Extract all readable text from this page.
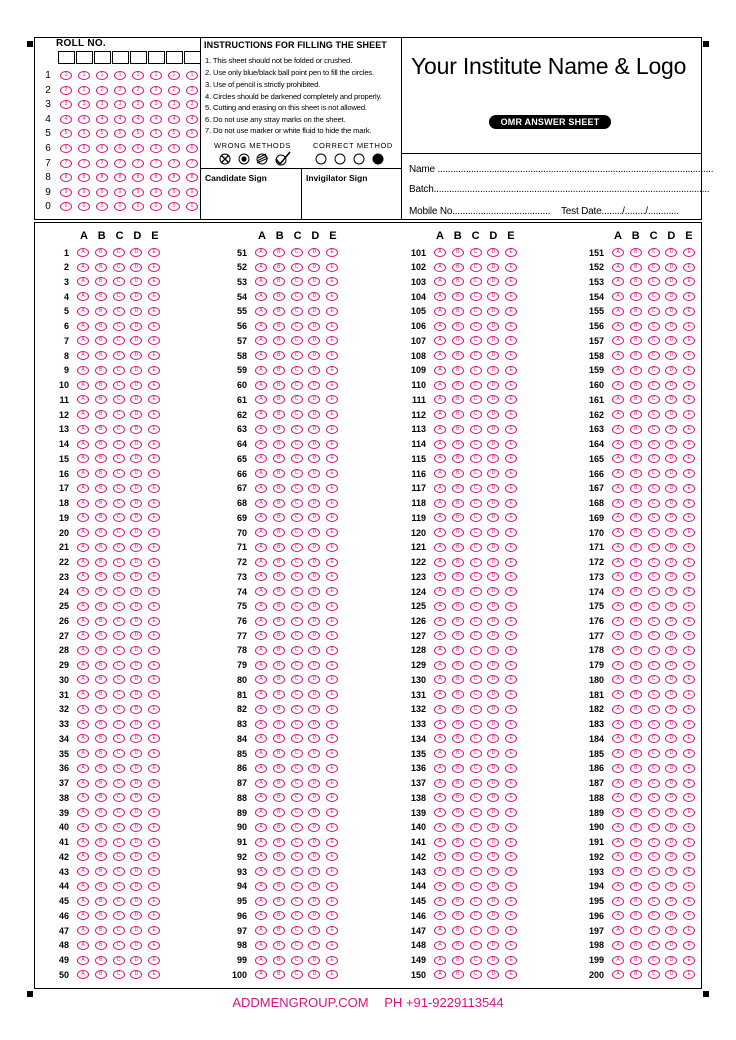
ROLL NO.
1	1	1	1	1	1	1	1	1
2	2	2	2	2	2	2	2	2
3	3	3	3	3	3	3	3	3
4	4	4	4	4	4	4	4	4
5	5	5	5	5	5	5	5	5
6	6	6	6	6	6	6	6	6
7	7	7	7	7	7	7	7	7
8	8	8	8	8	8	8	8	8
9	9	9	9	9	9	9	9	9
0	0	0	0	0	0	0	0	0
INSTRUCTIONS FOR FILLING THE SHEET
1. This sheet should not be folded or crushed.
2. Use only blue/black ball point pen to fill the circles.
3. Use of pencil is strictly prohibited.
4. Circles should be darkened completely and properly.
5. Cutting and erasing on this sheet is not allowed.
6. Do not use any stray marks on the sheet.
7. Do not use marker or white fluid to hide the mark.
WRONG METHODS	CORRECT METHOD
Candidate Sign	Invigilator Sign
Your Institute Name & Logo
OMR ANSWER SHEET
Name ...........................................................................................................
Batch...........................................................................................................
Mobile No...................................... Test Date......../......../............
A B C D E
1	A	B	C	D	E
2	A	B	C	D	E
3	A	B	C	D	E
4	A	B	C	D	E
5	A	B	C	D	E
6	A	B	C	D	E
7	A	B	C	D	E
8	A	B	C	D	E
9	A	B	C	D	E
10	A	B	C	D	E
11	A	B	C	D	E
12	A	B	C	D	E
13	A	B	C	D	E
14	A	B	C	D	E
15	A	B	C	D	E
16	A	B	C	D	E
17	A	B	C	D	E
18	A	B	C	D	E
19	A	B	C	D	E
20	A	B	C	D	E
21	A	B	C	D	E
22	A	B	C	D	E
23	A	B	C	D	E
24	A	B	C	D	E
25	A	B	C	D	E
26	A	B	C	D	E
27	A	B	C	D	E
28	A	B	C	D	E
29	A	B	C	D	E
30	A	B	C	D	E
31	A	B	C	D	E
32	A	B	C	D	E
33	A	B	C	D	E
34	A	B	C	D	E
35	A	B	C	D	E
36	A	B	C	D	E
37	A	B	C	D	E
38	A	B	C	D	E
39	A	B	C	D	E
40	A	B	C	D	E
41	A	B	C	D	E
42	A	B	C	D	E
43	A	B	C	D	E
44	A	B	C	D	E
45	A	B	C	D	E
46	A	B	C	D	E
47	A	B	C	D	E
48	A	B	C	D	E
49	A	B	C	D	E
50	A	B	C	D	E
A B C D E
51	A	B	C	D	E
52	A	B	C	D	E
53	A	B	C	D	E
54	A	B	C	D	E
55	A	B	C	D	E
56	A	B	C	D	E
57	A	B	C	D	E
58	A	B	C	D	E
59	A	B	C	D	E
60	A	B	C	D	E
61	A	B	C	D	E
62	A	B	C	D	E
63	A	B	C	D	E
64	A	B	C	D	E
65	A	B	C	D	E
66	A	B	C	D	E
67	A	B	C	D	E
68	A	B	C	D	E
69	A	B	C	D	E
70	A	B	C	D	E
71	A	B	C	D	E
72	A	B	C	D	E
73	A	B	C	D	E
74	A	B	C	D	E
75	A	B	C	D	E
76	A	B	C	D	E
77	A	B	C	D	E
78	A	B	C	D	E
79	A	B	C	D	E
80	A	B	C	D	E
81	A	B	C	D	E
82	A	B	C	D	E
83	A	B	C	D	E
84	A	B	C	D	E
85	A	B	C	D	E
86	A	B	C	D	E
87	A	B	C	D	E
88	A	B	C	D	E
89	A	B	C	D	E
90	A	B	C	D	E
91	A	B	C	D	E
92	A	B	C	D	E
93	A	B	C	D	E
94	A	B	C	D	E
95	A	B	C	D	E
96	A	B	C	D	E
97	A	B	C	D	E
98	A	B	C	D	E
99	A	B	C	D	E
100	A	B	C	D	E
A B C D E
101	A	B	C	D	E
102	A	B	C	D	E
103	A	B	C	D	E
104	A	B	C	D	E
105	A	B	C	D	E
106	A	B	C	D	E
107	A	B	C	D	E
108	A	B	C	D	E
109	A	B	C	D	E
110	A	B	C	D	E
111	A	B	C	D	E
112	A	B	C	D	E
113	A	B	C	D	E
114	A	B	C	D	E
115	A	B	C	D	E
116	A	B	C	D	E
117	A	B	C	D	E
118	A	B	C	D	E
119	A	B	C	D	E
120	A	B	C	D	E
121	A	B	C	D	E
122	A	B	C	D	E
123	A	B	C	D	E
124	A	B	C	D	E
125	A	B	C	D	E
126	A	B	C	D	E
127	A	B	C	D	E
128	A	B	C	D	E
129	A	B	C	D	E
130	A	B	C	D	E
131	A	B	C	D	E
132	A	B	C	D	E
133	A	B	C	D	E
134	A	B	C	D	E
135	A	B	C	D	E
136	A	B	C	D	E
137	A	B	C	D	E
138	A	B	C	D	E
139	A	B	C	D	E
140	A	B	C	D	E
141	A	B	C	D	E
142	A	B	C	D	E
143	A	B	C	D	E
144	A	B	C	D	E
145	A	B	C	D	E
146	A	B	C	D	E
147	A	B	C	D	E
148	A	B	C	D	E
149	A	B	C	D	E
150	A	B	C	D	E
A B C D E
151	A	B	C	D	E
152	A	B	C	D	E
153	A	B	C	D	E
154	A	B	C	D	E
155	A	B	C	D	E
156	A	B	C	D	E
157	A	B	C	D	E
158	A	B	C	D	E
159	A	B	C	D	E
160	A	B	C	D	E
161	A	B	C	D	E
162	A	B	C	D	E
163	A	B	C	D	E
164	A	B	C	D	E
165	A	B	C	D	E
166	A	B	C	D	E
167	A	B	C	D	E
168	A	B	C	D	E
169	A	B	C	D	E
170	A	B	C	D	E
171	A	B	C	D	E
172	A	B	C	D	E
173	A	B	C	D	E
174	A	B	C	D	E
175	A	B	C	D	E
176	A	B	C	D	E
177	A	B	C	D	E
178	A	B	C	D	E
179	A	B	C	D	E
180	A	B	C	D	E
181	A	B	C	D	E
182	A	B	C	D	E
183	A	B	C	D	E
184	A	B	C	D	E
185	A	B	C	D	E
186	A	B	C	D	E
187	A	B	C	D	E
188	A	B	C	D	E
189	A	B	C	D	E
190	A	B	C	D	E
191	A	B	C	D	E
192	A	B	C	D	E
193	A	B	C	D	E
194	A	B	C	D	E
195	A	B	C	D	E
196	A	B	C	D	E
197	A	B	C	D	E
198	A	B	C	D	E
199	A	B	C	D	E
200	A	B	C	D	E
ADDMENGROUP.COM PH +91-9229113544
